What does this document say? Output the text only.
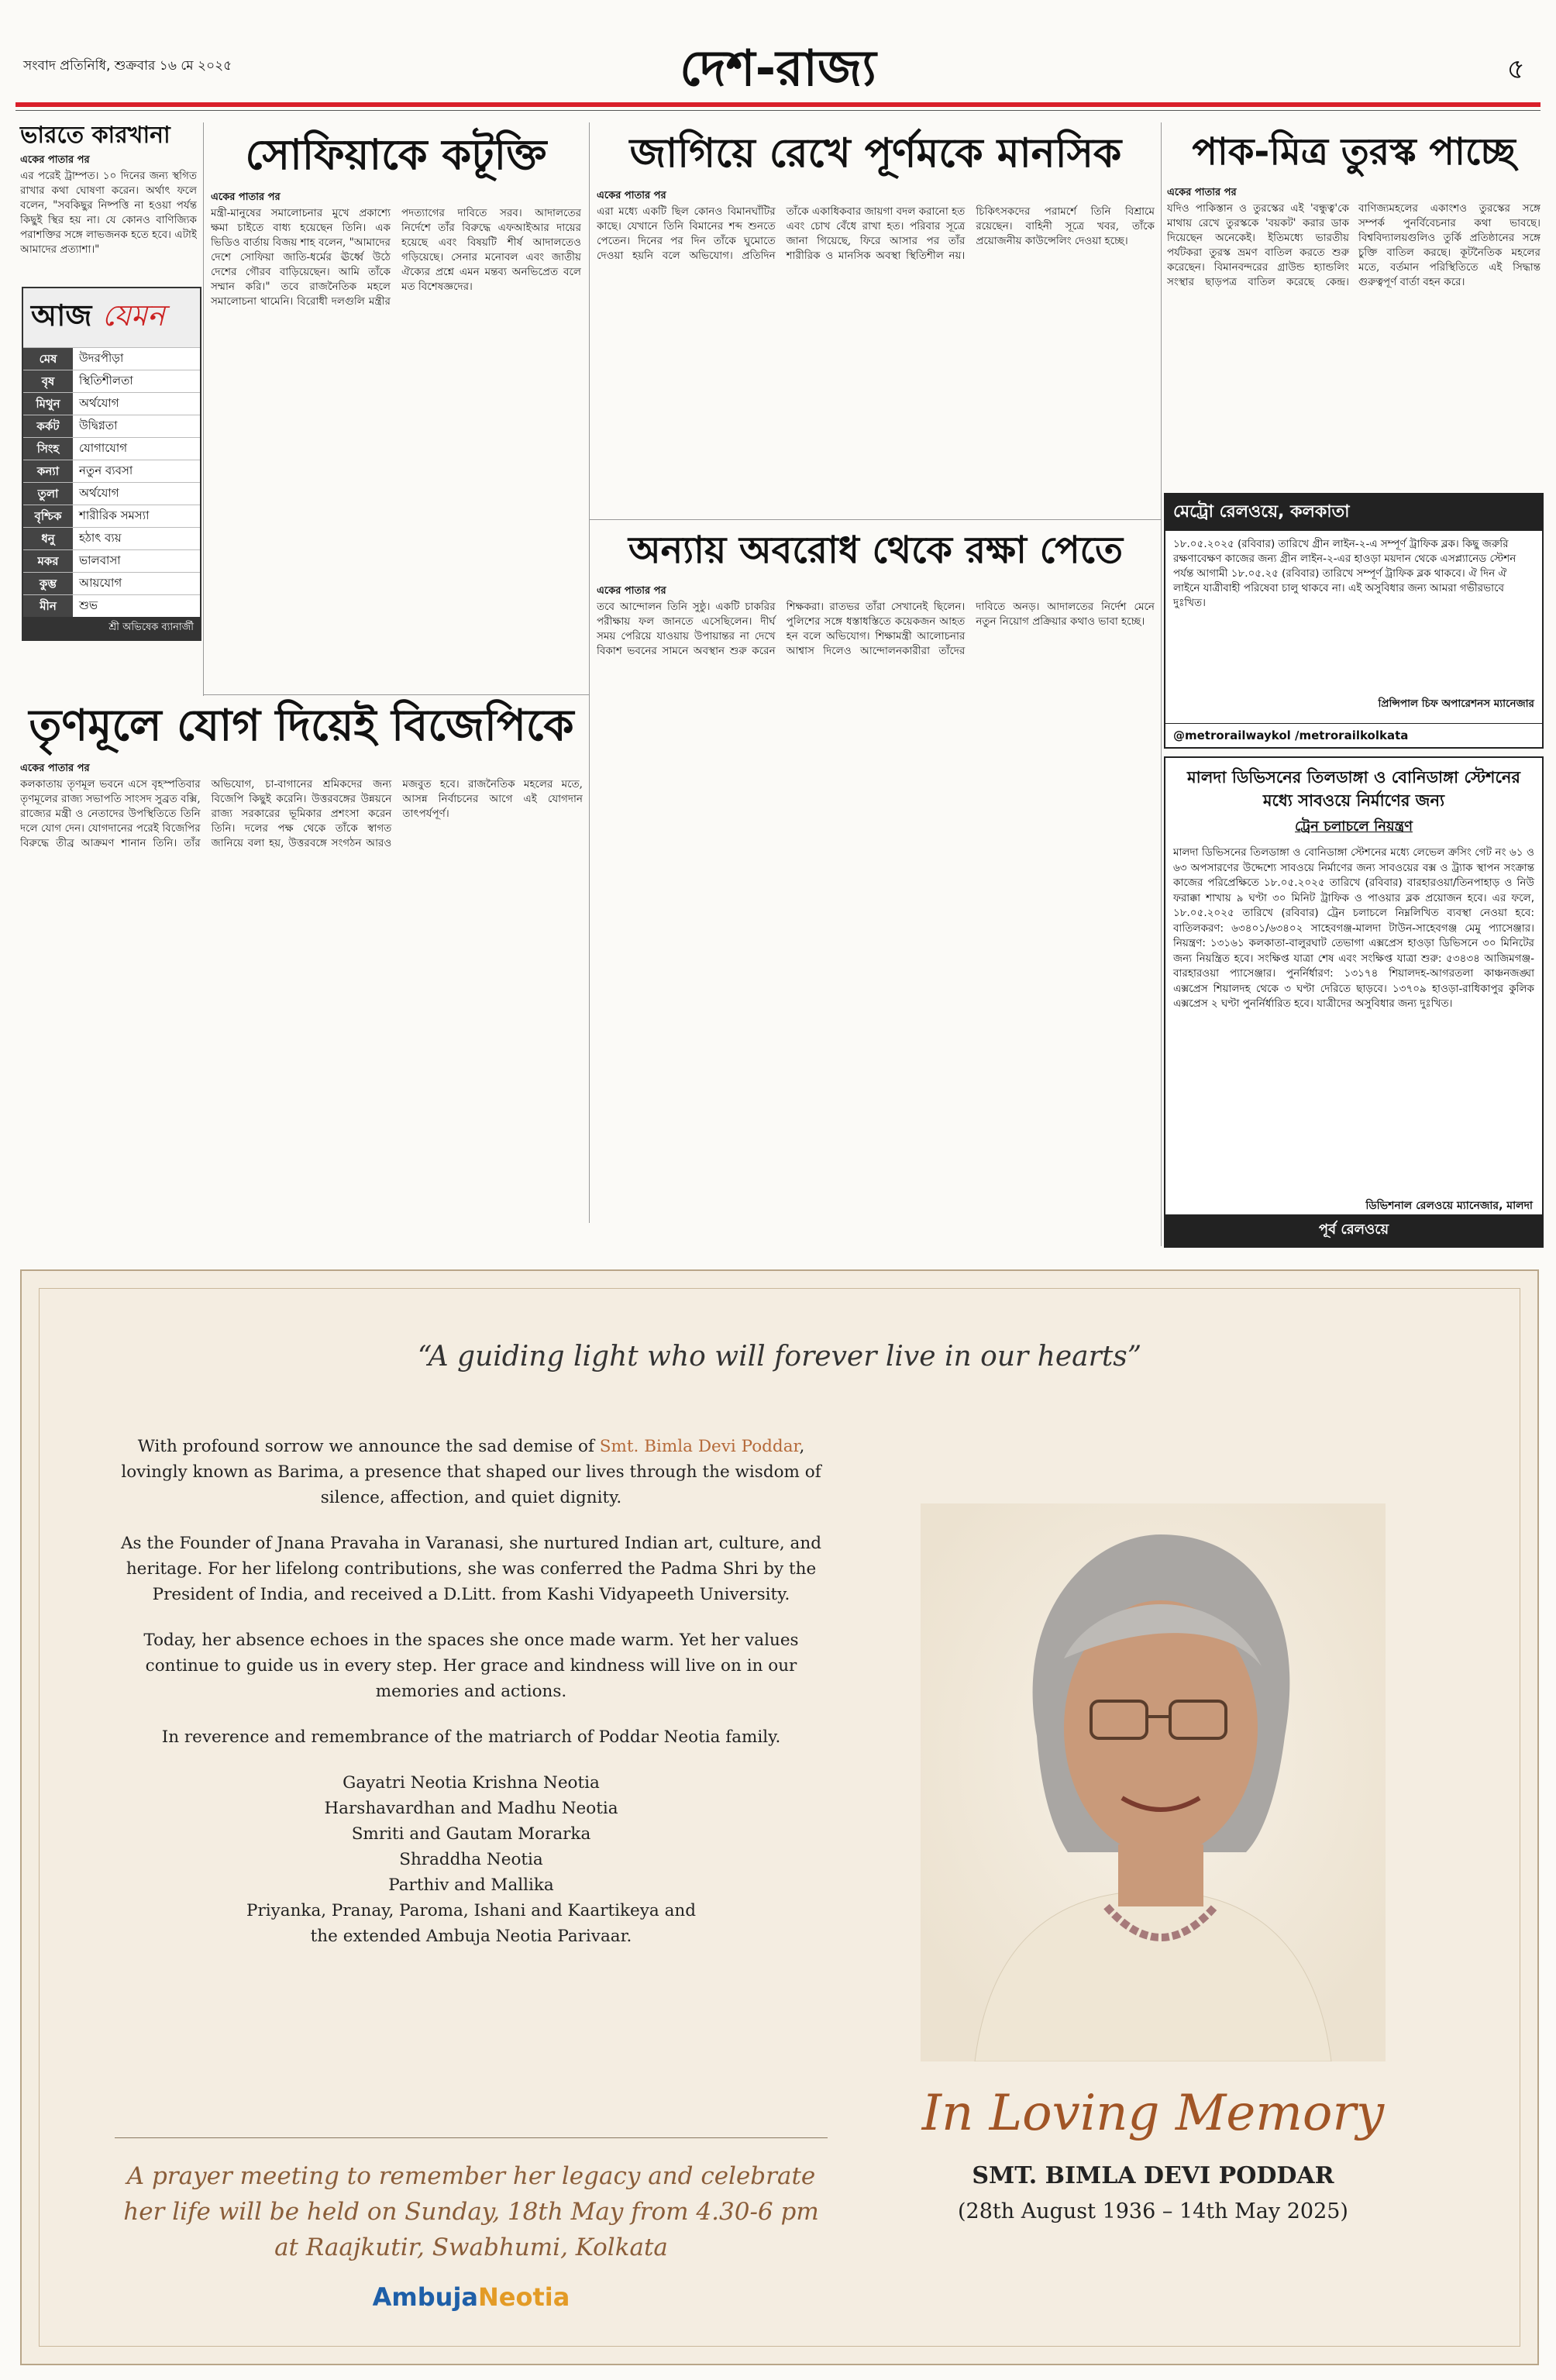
সংবাদ প্রতিনিধি, শুক্রবার ১৬ মে ২০২৫	দেশ-রাজ্য	৫
ভারতে কারখানা
একের পাতার পর
এর পরেই ট্রাম্পত। ১০ দিনের জন্য স্থগিত রাখার কথা ঘোষণা করেন। অর্থাৎ ফলে বলেন, "সবকিছুর নিষ্পত্তি না হওয়া পর্যন্ত কিছুই স্থির হয় না। যে কোনও বাণিজ্যিক পরাশক্তির সঙ্গে লাভজনক হতে হবে। এটাই আমাদের প্রত্যাশা।"
আজ যেমন
মেষ	উদরপীড়া
বৃষ	স্থিতিশীলতা
মিথুন	অর্থযোগ
কর্কট	উদ্বিগ্নতা
সিংহ	যোগাযোগ
কন্যা	নতুন ব্যবসা
তুলা	অর্থযোগ
বৃশ্চিক	শারীরিক সমস্যা
ধনু	হঠাৎ ব্যয়
মকর	ভালবাসা
কুম্ভ	আয়যোগ
মীন	শুভ
শ্রী অভিষেক ব্যানার্জী
সোফিয়াকে কটূক্তি
একের পাতার পর
মন্ত্রী-মানুষের সমালোচনার মুখে প্রকাশ্যে ক্ষমা চাইতে বাধ্য হয়েছেন তিনি। এক ভিডিও বার্তায় বিজয় শাহ বলেন, "আমাদের দেশে সোফিয়া জাতি-ধর্মের ঊর্ধ্বে উঠে দেশের গৌরব বাড়িয়েছেন। আমি তাঁকে সম্মান করি।" তবে রাজনৈতিক মহলে সমালোচনা থামেনি। বিরোধী দলগুলি মন্ত্রীর পদত্যাগের দাবিতে সরব। আদালতের নির্দেশে তাঁর বিরুদ্ধে এফআইআর দায়ের হয়েছে এবং বিষয়টি শীর্ষ আদালতেও গড়িয়েছে। সেনার মনোবল এবং জাতীয় ঐক্যের প্রশ্নে এমন মন্তব্য অনভিপ্রেত বলে মত বিশেষজ্ঞদের।
জাগিয়ে রেখে পূর্ণমকে মানসিক
একের পাতার পর
এরা মধ্যে একটি ছিল কোনও বিমানঘাঁটির কাছে। যেখানে তিনি বিমানের শব্দ শুনতে পেতেন। দিনের পর দিন তাঁকে ঘুমোতে দেওয়া হয়নি বলে অভিযোগ। প্রতিদিন তাঁকে একাধিকবার জায়গা বদল করানো হত এবং চোখ বেঁধে রাখা হত। পরিবার সূত্রে জানা গিয়েছে, ফিরে আসার পর তাঁর শারীরিক ও মানসিক অবস্থা স্থিতিশীল নয়। চিকিৎসকদের পরামর্শে তিনি বিশ্রামে রয়েছেন। বাহিনী সূত্রে খবর, তাঁকে প্রয়োজনীয় কাউন্সেলিং দেওয়া হচ্ছে।
পাক-মিত্র তুরস্ক পাচ্ছে
একের পাতার পর
যদিও পাকিস্তান ও তুরস্কের এই 'বন্ধুত্ব'কে মাথায় রেখে তুরস্ককে 'বয়কট' করার ডাক দিয়েছেন অনেকেই। ইতিমধ্যে ভারতীয় পর্যটকরা তুরস্ক ভ্রমণ বাতিল করতে শুরু করেছেন। বিমানবন্দরের গ্রাউন্ড হ্যান্ডলিং সংস্থার ছাড়পত্র বাতিল করেছে কেন্দ্র। বাণিজ্যমহলের একাংশও তুরস্কের সঙ্গে সম্পর্ক পুনর্বিবেচনার কথা ভাবছে। বিশ্ববিদ্যালয়গুলিও তুর্কি প্রতিষ্ঠানের সঙ্গে চুক্তি বাতিল করছে। কূটনৈতিক মহলের মতে, বর্তমান পরিস্থিতিতে এই সিদ্ধান্ত গুরুত্বপূর্ণ বার্তা বহন করে।
অন্যায় অবরোধ থেকে রক্ষা পেতে
একের পাতার পর
তবে আন্দোলন তিনি সুষ্ঠু। একটি চাকরির পরীক্ষায় ফল জানতে এসেছিলেন। দীর্ঘ সময় পেরিয়ে যাওয়ায় উপায়ান্তর না দেখে বিকাশ ভবনের সামনে অবস্থান শুরু করেন শিক্ষকরা। রাতভর তাঁরা সেখানেই ছিলেন। পুলিশের সঙ্গে ধস্তাধস্তিতে কয়েকজন আহত হন বলে অভিযোগ। শিক্ষামন্ত্রী আলোচনার আশ্বাস দিলেও আন্দোলনকারীরা তাঁদের দাবিতে অনড়। আদালতের নির্দেশ মেনে নতুন নিয়োগ প্রক্রিয়ার কথাও ভাবা হচ্ছে।
তৃণমূলে যোগ দিয়েই বিজেপিকে
একের পাতার পর
কলকাতায় তৃণমূল ভবনে এসে বৃহস্পতিবার তৃণমূলের রাজ্য সভাপতি সাংসদ সুব্রত বক্সি, রাজ্যের মন্ত্রী ও নেতাদের উপস্থিতিতে তিনি দলে যোগ দেন। যোগদানের পরেই বিজেপির বিরুদ্ধে তীব্র আক্রমণ শানান তিনি। তাঁর অভিযোগ, চা-বাগানের শ্রমিকদের জন্য বিজেপি কিছুই করেনি। উত্তরবঙ্গের উন্নয়নে রাজ্য সরকারের ভূমিকার প্রশংসা করেন তিনি। দলের পক্ষ থেকে তাঁকে স্বাগত জানিয়ে বলা হয়, উত্তরবঙ্গে সংগঠন আরও মজবুত হবে। রাজনৈতিক মহলের মতে, আসন্ন নির্বাচনের আগে এই যোগদান তাৎপর্যপূর্ণ।
মেট্রো রেলওয়ে, কলকাতা
১৮.০৫.২০২৫ (রবিবার) তারিখে গ্রীন লাইন-২-এ সম্পূর্ণ ট্রাফিক ব্লক। কিছু জরুরি রক্ষণাবেক্ষণ কাজের জন্য গ্রীন লাইন-২-এর হাওড়া ময়দান থেকে এসপ্ল্যানেড স্টেশন পর্যন্ত আগামী ১৮.০৫.২৫ (রবিবার) তারিখে সম্পূর্ণ ট্রাফিক ব্লক থাকবে। ঐ দিন ঐ লাইনে যাত্রীবাহী পরিষেবা চালু থাকবে না। এই অসুবিধার জন্য আমরা গভীরভাবে দুঃখিত।
প্রিন্সিপাল চিফ অপারেশনস ম্যানেজার
@metrorailwaykol /metrorailkolkata
মালদা ডিভিসনের তিলডাঙ্গা ও বোনিডাঙ্গা স্টেশনের মধ্যে সাবওয়ে নির্মাণের জন্য
ট্রেন চলাচলে নিয়ন্ত্রণ
মালদা ডিভিসনের তিলডাঙ্গা ও বোনিডাঙ্গা স্টেশনের মধ্যে লেভেল ক্রসিং গেট নং ৬১ ও ৬৩ অপসারণের উদ্দেশ্যে সাবওয়ে নির্মাণের জন্য সাবওয়ের বক্স ও ট্র্যাক স্থাপন সংক্রান্ত কাজের পরিপ্রেক্ষিতে ১৮.০৫.২০২৫ তারিখে (রবিবার) বারহারওয়া/তিনপাহাড় ও নিউ ফরাক্কা শাখায় ৯ ঘণ্টা ৩০ মিনিট ট্রাফিক ও পাওয়ার ব্লক প্রয়োজন হবে। এর ফলে, ১৮.০৫.২০২৫ তারিখে (রবিবার) ট্রেন চলাচলে নিম্নলিখিত ব্যবস্থা নেওয়া হবে: বাতিলকরণ: ৬৩৪০১/৬৩৪০২ সাহেবগঞ্জ-মালদা টাউন-সাহেবগঞ্জ মেমু প্যাসেঞ্জার। নিয়ন্ত্রণ: ১৩১৬১ কলকাতা-বালুরঘাট তেভাগা এক্সপ্রেস হাওড়া ডিভিসনে ৩০ মিনিটের জন্য নিয়ন্ত্রিত হবে। সংক্ষিপ্ত যাত্রা শেষ এবং সংক্ষিপ্ত যাত্রা শুরু: ৫৩৪৩৪ আজিমগঞ্জ-বারহারওয়া প্যাসেঞ্জার। পুনর্নির্ধারণ: ১৩১৭৪ শিয়ালদহ-আগরতলা কাঞ্চনজঙ্ঘা এক্সপ্রেস শিয়ালদহ থেকে ৩ ঘণ্টা দেরিতে ছাড়বে। ১৩৭০৯ হাওড়া-রাধিকাপুর কুলিক এক্সপ্রেস ২ ঘণ্টা পুনর্নির্ধারিত হবে। যাত্রীদের অসুবিধার জন্য দুঃখিত।
ডিভিশনাল রেলওয়ে ম্যানেজার, মালদা
পূর্ব রেলওয়ে
“A guiding light who will forever live in our hearts”

With profound sorrow we announce the sad demise of Smt. Bimla Devi Poddar, lovingly known as Barima, a presence that shaped our lives through the wisdom of silence, affection, and quiet dignity.

As the Founder of Jnana Pravaha in Varanasi, she nurtured Indian art, culture, and heritage. For her lifelong contributions, she was conferred the Padma Shri by the President of India, and received a D.Litt. from Kashi Vidyapeeth University.

Today, her absence echoes in the spaces she once made warm. Yet her values continue to guide us in every step. Her grace and kindness will live on in our memories and actions.

In reverence and remembrance of the matriarch of Poddar Neotia family.

Gayatri Neotia Krishna Neotia
Harshavardhan and Madhu Neotia
Smriti and Gautam Morarka
Shraddha Neotia
Parthiv and Mallika
Priyanka, Pranay, Paroma, Ishani and Kaartikeya and
the extended Ambuja Neotia Parivaar.
A prayer meeting to remember her legacy and celebrate her life will be held on Sunday, 18th May from 4.30-6 pm at Raajkutir, Swabhumi, Kolkata
AmbujaNeotia
In Loving Memory
SMT. BIMLA DEVI PODDAR
(28th August 1936 – 14th May 2025)
